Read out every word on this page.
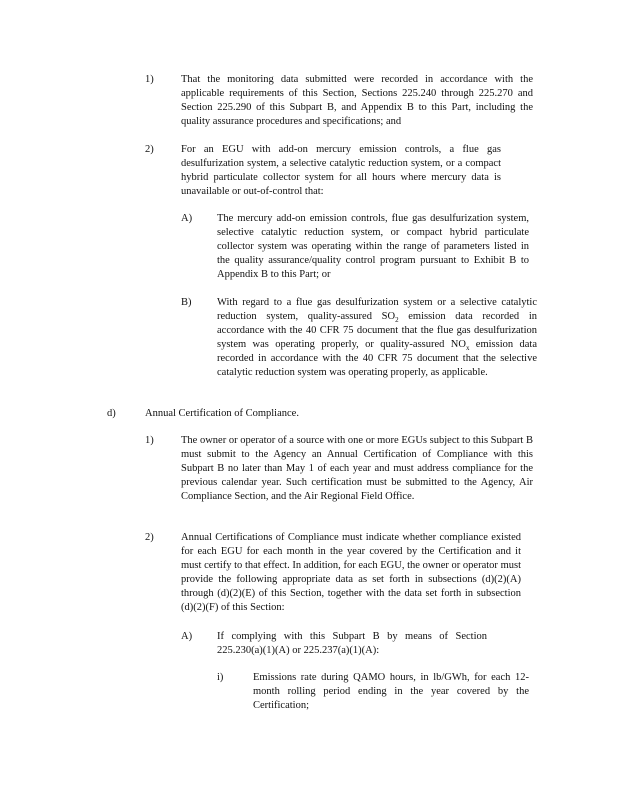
1)	That the monitoring data submitted were recorded in accordance with the applicable requirements of this Section, Sections 225.240 through 225.270 and Section 225.290 of this Subpart B, and Appendix B to this Part, including the quality assurance procedures and specifications; and
2)	For an EGU with add-on mercury emission controls, a flue gas desulfurization system, a selective catalytic reduction system, or a compact hybrid particulate collector system for all hours where mercury data is unavailable or out-of-control that:
A) The mercury add-on emission controls, flue gas desulfurization system, selective catalytic reduction system, or compact hybrid particulate collector system was operating within the range of parameters listed in the quality assurance/quality control program pursuant to Exhibit B to Appendix B to this Part; or
B) With regard to a flue gas desulfurization system or a selective catalytic reduction system, quality-assured $SO_2$ emission data recorded in accordance with the 40 CFR 75 document that the flue gas desulfurization system was operating properly, or quality-assured $NO_x$ emission data recorded in accordance with the 40 CFR 75 document that the selective catalytic reduction system was operating properly, as applicable.
d)	Annual Certification of Compliance.
1)	The owner or operator of a source with one or more EGUs subject to this Subpart B must submit to the Agency an Annual Certification of Compliance with this Subpart B no later than May 1 of each year and must address compliance for the previous calendar year. Such certification must be submitted to the Agency, Air Compliance Section, and the Air Regional Field Office.
2)	Annual Certifications of Compliance must indicate whether compliance existed for each EGU for each month in the year covered by the Certification and it must certify to that effect. In addition, for each EGU, the owner or operator must provide the following appropriate data as set forth in subsections (d)(2)(A) through (d)(2)(E) of this Section, together with the data set forth in subsection (d)(2)(F) of this Section:
A) If complying with this Subpart B by means of Section 225.230(a)(1)(A) or 225.237(a)(1)(A):
i)	Emissions rate during QAMO hours, in lb/GWh, for each 12-month rolling period ending in the year covered by the Certification;
